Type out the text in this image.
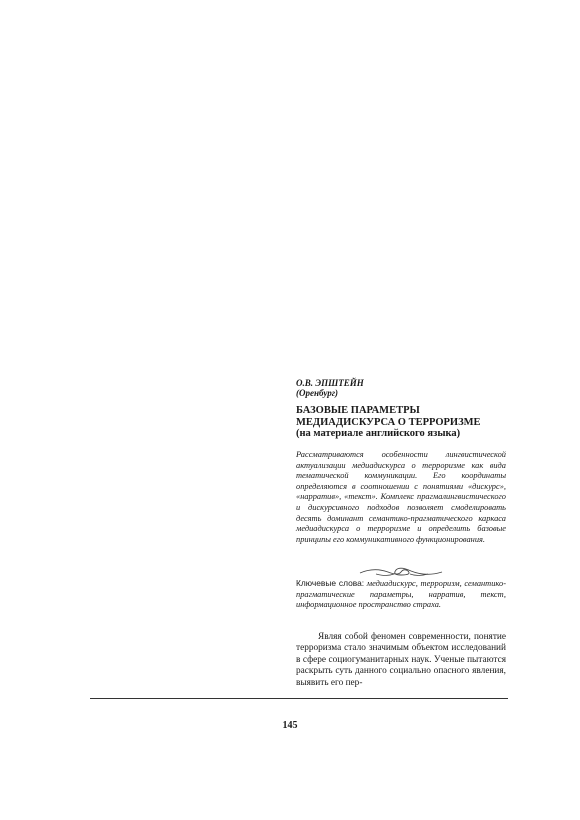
О.В. ЭПШТЕЙН
(Оренбург)
БАЗОВЫЕ ПАРАМЕТРЫ
МЕДИАДИСКУРСА О ТЕРРОРИЗМЕ
(на материале английского языка)
Рассматриваются особенности лингвистической актуализации медиадискурса о терроризме как вида тематической коммуникации. Его координаты определяются в соотношении с понятиями «дискурс», «нарратив», «текст». Комплекс прагмалингвистического и дискурсивного подходов позволяет смоделировать десять доминант семантико-прагматического каркаса медиадискурса о терроризме и определить базовые принципы его коммуникативного функционирования.
Ключевые слова: медиадискурс, терроризм, семантико-прагматические параметры, нарратив, текст, информационное пространство страха.
Являя собой феномен современности, понятие терроризма стало значимым объектом исследований в сфере социогуманитарных наук. Ученые пытаются раскрыть суть данного социально опасного явления, выявить его пер-
145
